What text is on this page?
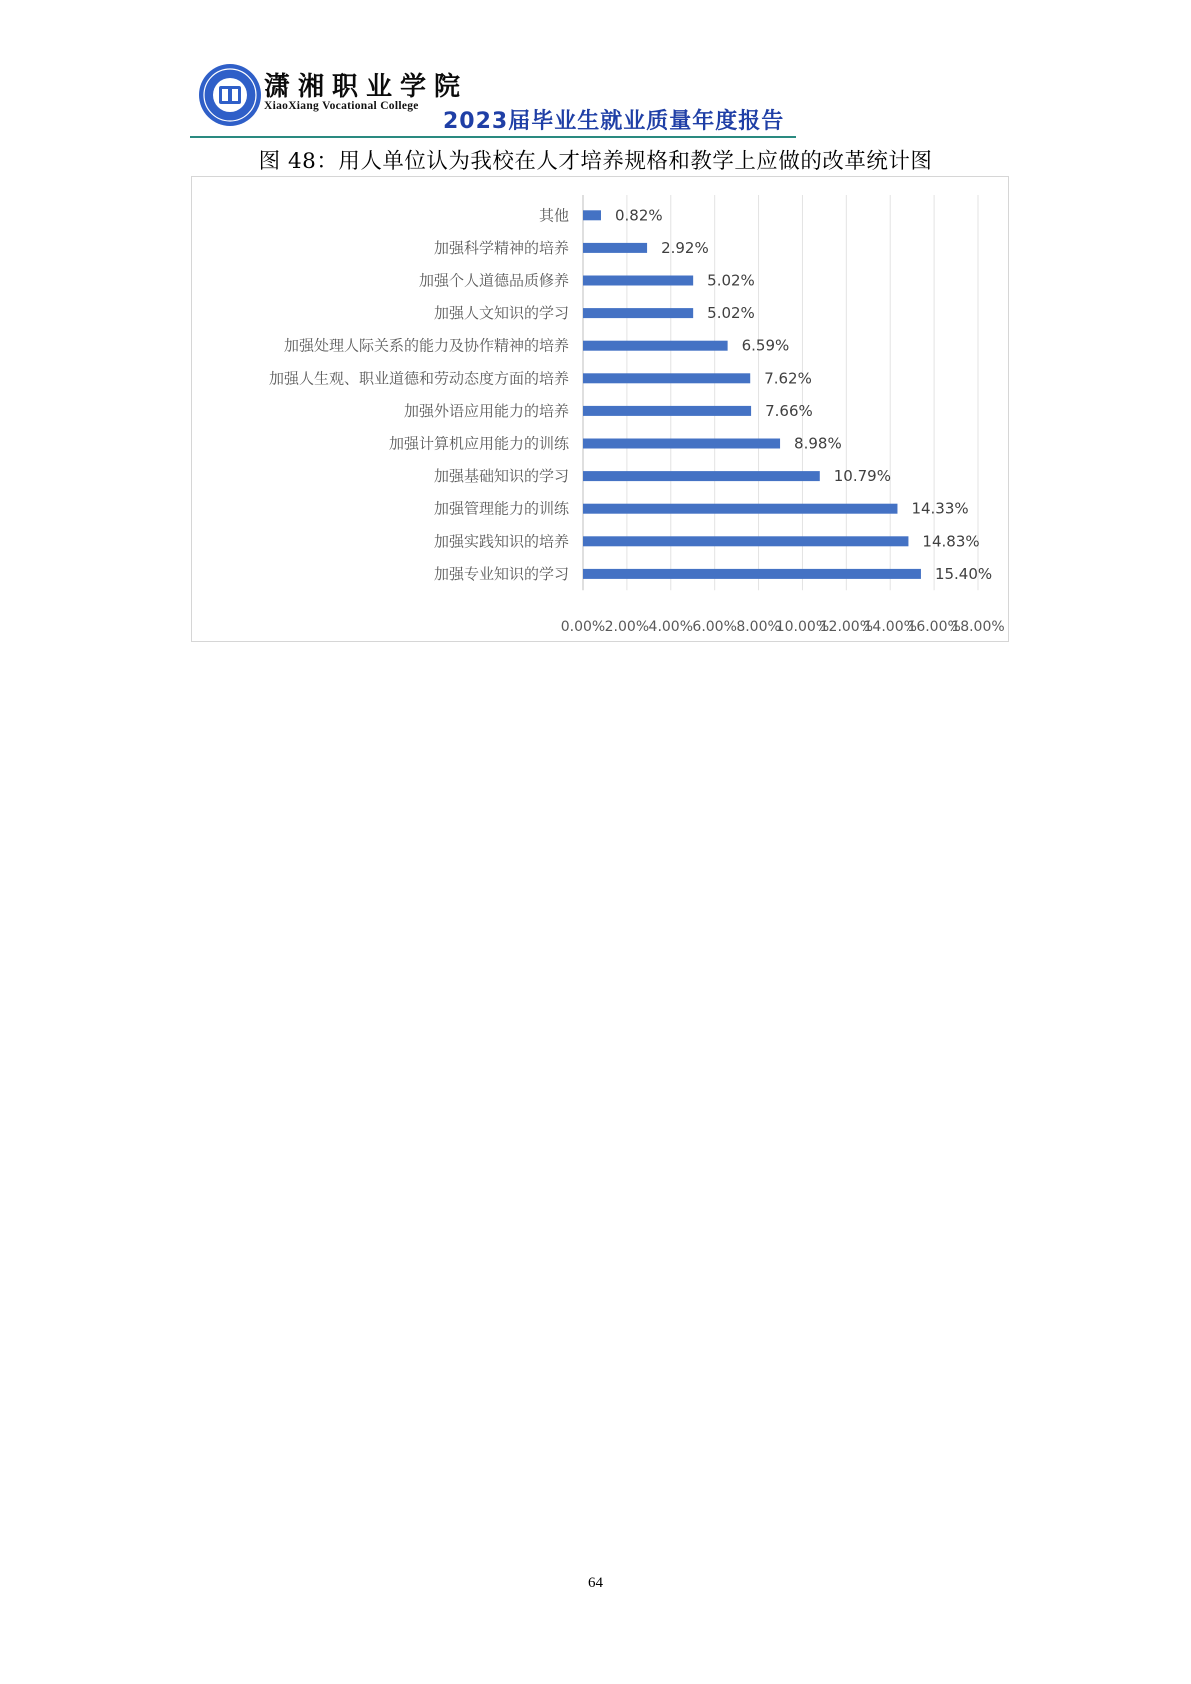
潇湘职业学院
XiaoXiang Vocational College
2023届毕业生就业质量年度报告
图 48：用人单位认为我校在人才培养规格和教学上应做的改革统计图
其他	0.82%
加强科学精神的培养	2.92%
加强个人道德品质修养	5.02%
加强人文知识的学习	5.02%
加强处理人际关系的能力及协作精神的培养	6.59%
加强人生观、职业道德和劳动态度方面的培养	7.62%
加强外语应用能力的培养	7.66%
加强计算机应用能力的训练	8.98%
加强基础知识的学习	10.79%
加强管理能力的训练	14.33%
加强实践知识的培养	14.83%
加强专业知识的学习	15.40%
0.00% 2.00% 4.00% 6.00% 8.00%
10.00%
12.00%
14.00%
16.00%
18.00%
64
